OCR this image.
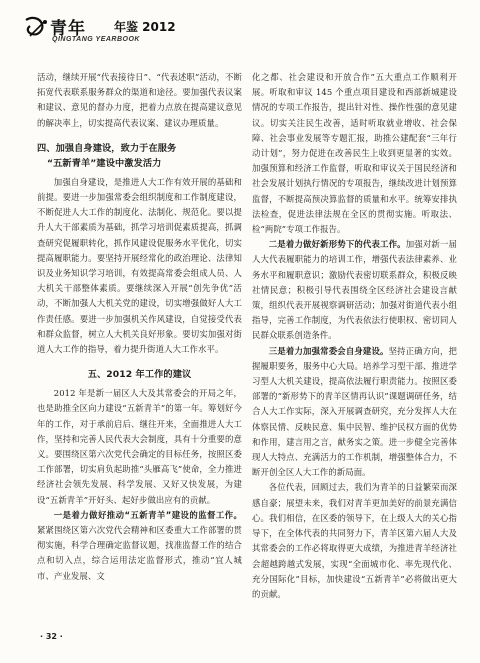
青年 年鉴 2012
QINGTANG YEARBOOK

活动，继续开展“代表接待日”、“代表述职”活动，不断拓宽代表联系服务群众的渠道和途径。要加强代表议案和建议、意见的督办力度，把着力点放在提高建议意见的解决率上，切实提高代表议案、建议办理质量。

四、加强自身建设，致力于在服务
“五新青羊”建设中激发活力

加强自身建设，是推进人大工作有效开展的基础和前提。要进一步加强常委会组织制度和工作制度建设，不断促进人大工作的制度化、法制化、规范化。要以提升人大干部素质为基础，抓学习培训促素质提高，抓调查研究促履职转化，抓作风建设促服务水平优化，切实提高履职能力。要坚持开展经常化的政治理论、法律知识及业务知识学习培训，有效提高常委会组成人员、人大机关干部整体素质。要继续深入开展“创先争优”活动，不断加强人大机关党的建设，切实增强做好人大工作责任感。要进一步加强机关作风建设，自觉接受代表和群众监督，树立人大机关良好形象。要切实加强对街道人大工作的指导，着力提升街道人大工作水平。

五、2012 年工作的建议

2012 年是新一届区人大及其常委会的开局之年，也是助推全区向力建设“五新青羊”的第一年。筹划好今年的工作，对于承前启后、继往开来，全面推进人大工作，坚持和完善人民代表大会制度，具有十分重要的意义。要围绕区第六次党代会确定的目标任务，按照区委工作部署，切实肩负起助推“头雁高飞”使命，全力推进经济社会领先发展、科学发展、又好又快发展，为建设“五新青羊”开好头、起好步做出应有的贡献。

一是着力做好推动“五新青羊”建设的监督工作。紧紧围绕区第六次党代会精神和区委重大工作部署的贯彻实施，科学合理确定监督议题，找准监督工作的结合点和切入点，综合运用法定监督形式，推动“宜人城市、产业发展、文

化之都、社会建设和开放合作”五大重点工作顺利开展。听取和审议 145 个重点项目建设和西部新城建设情况的专项工作报告，提出针对性、操作性强的意见建议。切实关注民生改善，适时听取就业增收、社会保障、社会事业发展等专题汇报，助推公建配套“三年行动计划”，努力促进在改善民生上收到更显著的实效。加强预算和经济工作监督，听取和审议关于国民经济和社会发展计划执行情况的专项报告，继续改进计划预算监督，不断提高预决算监督的质量和水平。统筹安排执法检查，促进法律法规在全区的贯彻实施。听取法、检“两院”专项工作报告。

二是着力做好新形势下的代表工作。加强对新一届人大代表履职能力的培训工作，增强代表法律素养、业务水平和履职意识；激励代表密切联系群众，积极反映社情民意；积极引导代表围绕全区经济社会建设言献策，组织代表开展视察调研活动；加强对街道代表小组指导，完善工作制度，为代表依法行使职权、密切同人民群众联系创造条件。

三是着力加强常委会自身建设。坚持正确方向，把握履职要务，服务中心大局。培养学习型干部、推进学习型人大机关建设，提高依法履行职责能力。按照区委部署的“新形势下的青羊区情再认识”课题调研任务，结合人大工作实际，深入开展调查研究，充分发挥人大在体察民情、反映民意、集中民智、维护民权方面的优势和作用，建言用之言，献务实之策。进一步健全完善体现人大特点、充满活力的工作机制，增强整体合力，不断开创全区人大工作的新局面。

各位代表，回顾过去，我们为青羊的日益繁荣而深感自豪；展望未来，我们对青羊更加美好的前景充满信心。我们相信，在区委的领导下，在上级人大的关心指导下，在全体代表的共同努力下，青羊区第六届人大及其常委会的工作必将取得更大成绩，为推进青羊经济社会超越跨越式发展，实现“全面城市化、率先现代化、充分国际化”目标，加快建设“五新青羊”必将做出更大的贡献。

· 32 ·
